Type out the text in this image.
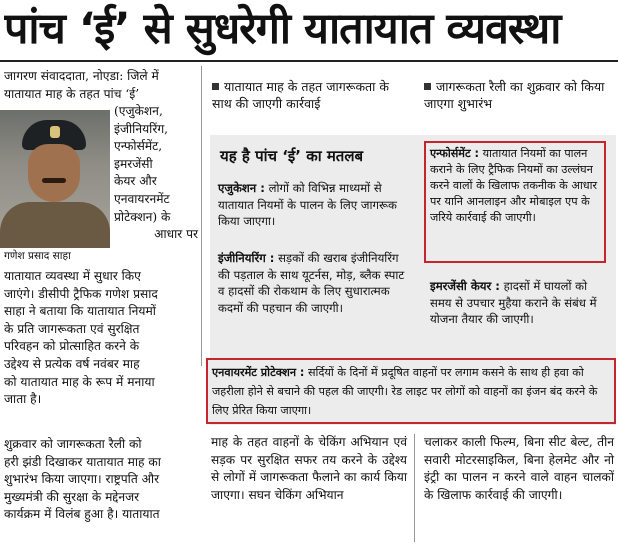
पांच ‘ई’ से सुधरेगी यातायात व्यवस्था
जागरण संवाददाता, नोएडा: जिले में
यातायात माह के तहत पांच ‘ई’
गणेश प्रसाद साहा
(एजुकेशन,
इंजीनियरिंग,
एन्फोर्समेंट,
इमरजेंसी
केयर और
एनवायरनमेंट
प्रोटेक्शन) के
आधार पर
यातायात व्यवस्था में सुधार किए
जाएंगे। डीसीपी ट्रैफिक गणेश प्रसाद
साहा ने बताया कि यातायात नियमों
के प्रति जागरूकता एवं सुरक्षित
परिवहन को प्रोत्साहित करने के
उद्देश्य से प्रत्येक वर्ष नवंबर माह
को यातायात माह के रूप में मनाया
जाता है।
शुक्रवार को जागरूकता रैली को
हरी झंडी दिखाकर यातायात माह का
शुभारंभ किया जाएगा। राष्ट्रपति और
मुख्यमंत्री की सुरक्षा के मद्देनजर
कार्यक्रम में विलंब हुआ है। यातायात
यातायात माह के तहत जागरूकता के साथ की जाएगी कार्रवाई
जागरूकता रैली का शुक्रवार को किया जाएगा शुभारंभ
यह है पांच ‘ई’ का मतलब
एजुकेशन : लोगों को विभिन्न माध्यमों से यातायात नियमों के पालन के लिए जागरूक किया जाएगा।
इंजीनियरिंग : सड़कों की खराब इंजीनियरिंग की पड़ताल के साथ यूटर्नस, मोड़, ब्लैक स्पाट व हादसों की रोकथाम के लिए सुधारात्मक कदमों की पहचान की जाएगी।
एन्फोर्समेंट : यातायात नियमों का पालन कराने के लिए ट्रैफिक नियमों का उल्लंघन करने वालों के खिलाफ तकनीक के आधार पर यानि आनलाइन और मोबाइल एप के जरिये कार्रवाई की जाएगी।
इमरजेंसी केयर : हादसों में घायलों को समय से उपचार मुहैया कराने के संबंध में योजना तैयार की जाएगी।
एनवायरमेंट प्रोटेक्शन : सर्दियों के दिनों में प्रदूषित वाहनों पर लगाम कसने के साथ ही हवा को जहरीला होने से बचाने की पहल की जाएगी। रेड लाइट पर लोगों को वाहनों का इंजन बंद करने के लिए प्रेरित किया जाएगा।
माह के तहत वाहनों के चेकिंग अभियान एवं सड़क पर सुरक्षित सफर तय करने के उद्देश्य से लोगों में जागरूकता फैलाने का कार्य किया जाएगा। सघन चेकिंग अभियान
चलाकर काली फिल्म, बिना सीट बेल्ट, तीन सवारी मोटरसाइकिल, बिना हेलमेट और नो इंट्री का पालन न करने वाले वाहन चालकों के खिलाफ कार्रवाई की जाएगी।
